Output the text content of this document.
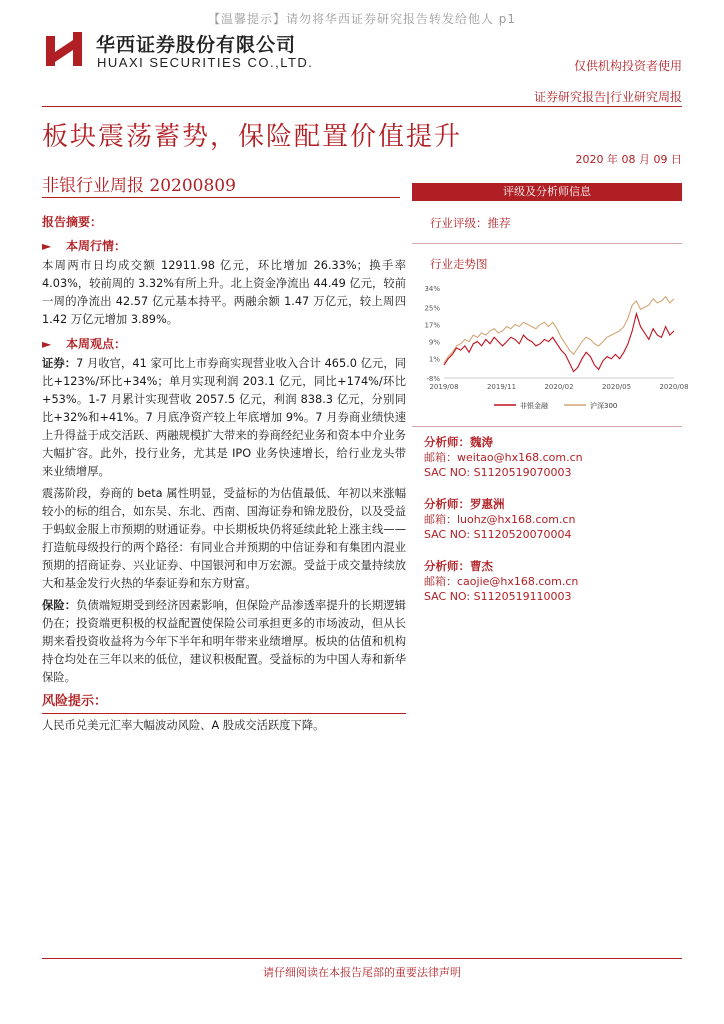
【温馨提示】请勿将华西证券研究报告转发给他人 p1
华西证券股份有限公司
HUAXI SECURITIES CO.,LTD.	仅供机构投资者使用
证券研究报告|行业研究周报
板块震荡蓄势，保险配置价值提升
2020 年 08 月 09 日
非银行业周报 20200809
报告摘要：
► 本周行情：

本周两市日均成交额 12911.98 亿元，环比增加 26.33%；换手率 4.03%，较前周的 3.32%有所上升。北上资金净流出 44.49 亿元，较前一周的净流出 42.57 亿元基本持平。两融余额 1.47 万亿元，较上周四 1.42 万亿元增加 3.89%。

► 本周观点：

证券：7 月收官，41 家可比上市券商实现营业收入合计 465.0 亿元，同比+123%/环比+34%；单月实现利润 203.1 亿元，同比+174%/环比+53%。1-7 月累计实现营收 2057.5 亿元，利润 838.3 亿元，分别同比+32%和+41%。7 月底净资产较上年底增加 9%。7 月券商业绩快速上升得益于成交活跃、两融规模扩大带来的券商经纪业务和资本中介业务大幅扩容。此外，投行业务，尤其是 IPO 业务快速增长，给行业龙头带来业绩增厚。

震荡阶段，券商的 beta 属性明显，受益标的为估值最低、年初以来涨幅较小的标的组合，如东吴、东北、西南、国海证券和锦龙股份，以及受益于蚂蚁金服上市预期的财通证券。中长期板块仍将延续此轮上涨主线——打造航母级投行的两个路径：有同业合并预期的中信证券和有集团内混业预期的招商证券、兴业证券、中国银河和申万宏源。受益于成交量持续放大和基金发行火热的华泰证券和东方财富。

保险：负债端短期受到经济因素影响，但保险产品渗透率提升的长期逻辑仍在；投资端更积极的权益配置使保险公司承担更多的市场波动，但从长期来看投资收益将为今年下半年和明年带来业绩增厚。板块的估值和机构持仓均处在三年以来的低位，建议积极配置。受益标的为中国人寿和新华保险。

风险提示：

人民币兑美元汇率大幅波动风险、A 股成交活跃度下降。

评级及分析师信息
行业评级：推荐
行业走势图
34%
25%
17%
9%
1%
-8%
2019/08	2019/11	2020/02	2020/05	2020/08
非银金融	沪深300
分析师：魏涛
邮箱：weitao@hx168.com.cn
SAC NO: S1120519070003
分析师：罗惠洲
邮箱：luohz@hx168.com.cn
SAC NO: S1120520070004
分析师：曹杰
邮箱：caojie@hx168.com.cn
SAC NO: S1120519110003
请仔细阅读在本报告尾部的重要法律声明
